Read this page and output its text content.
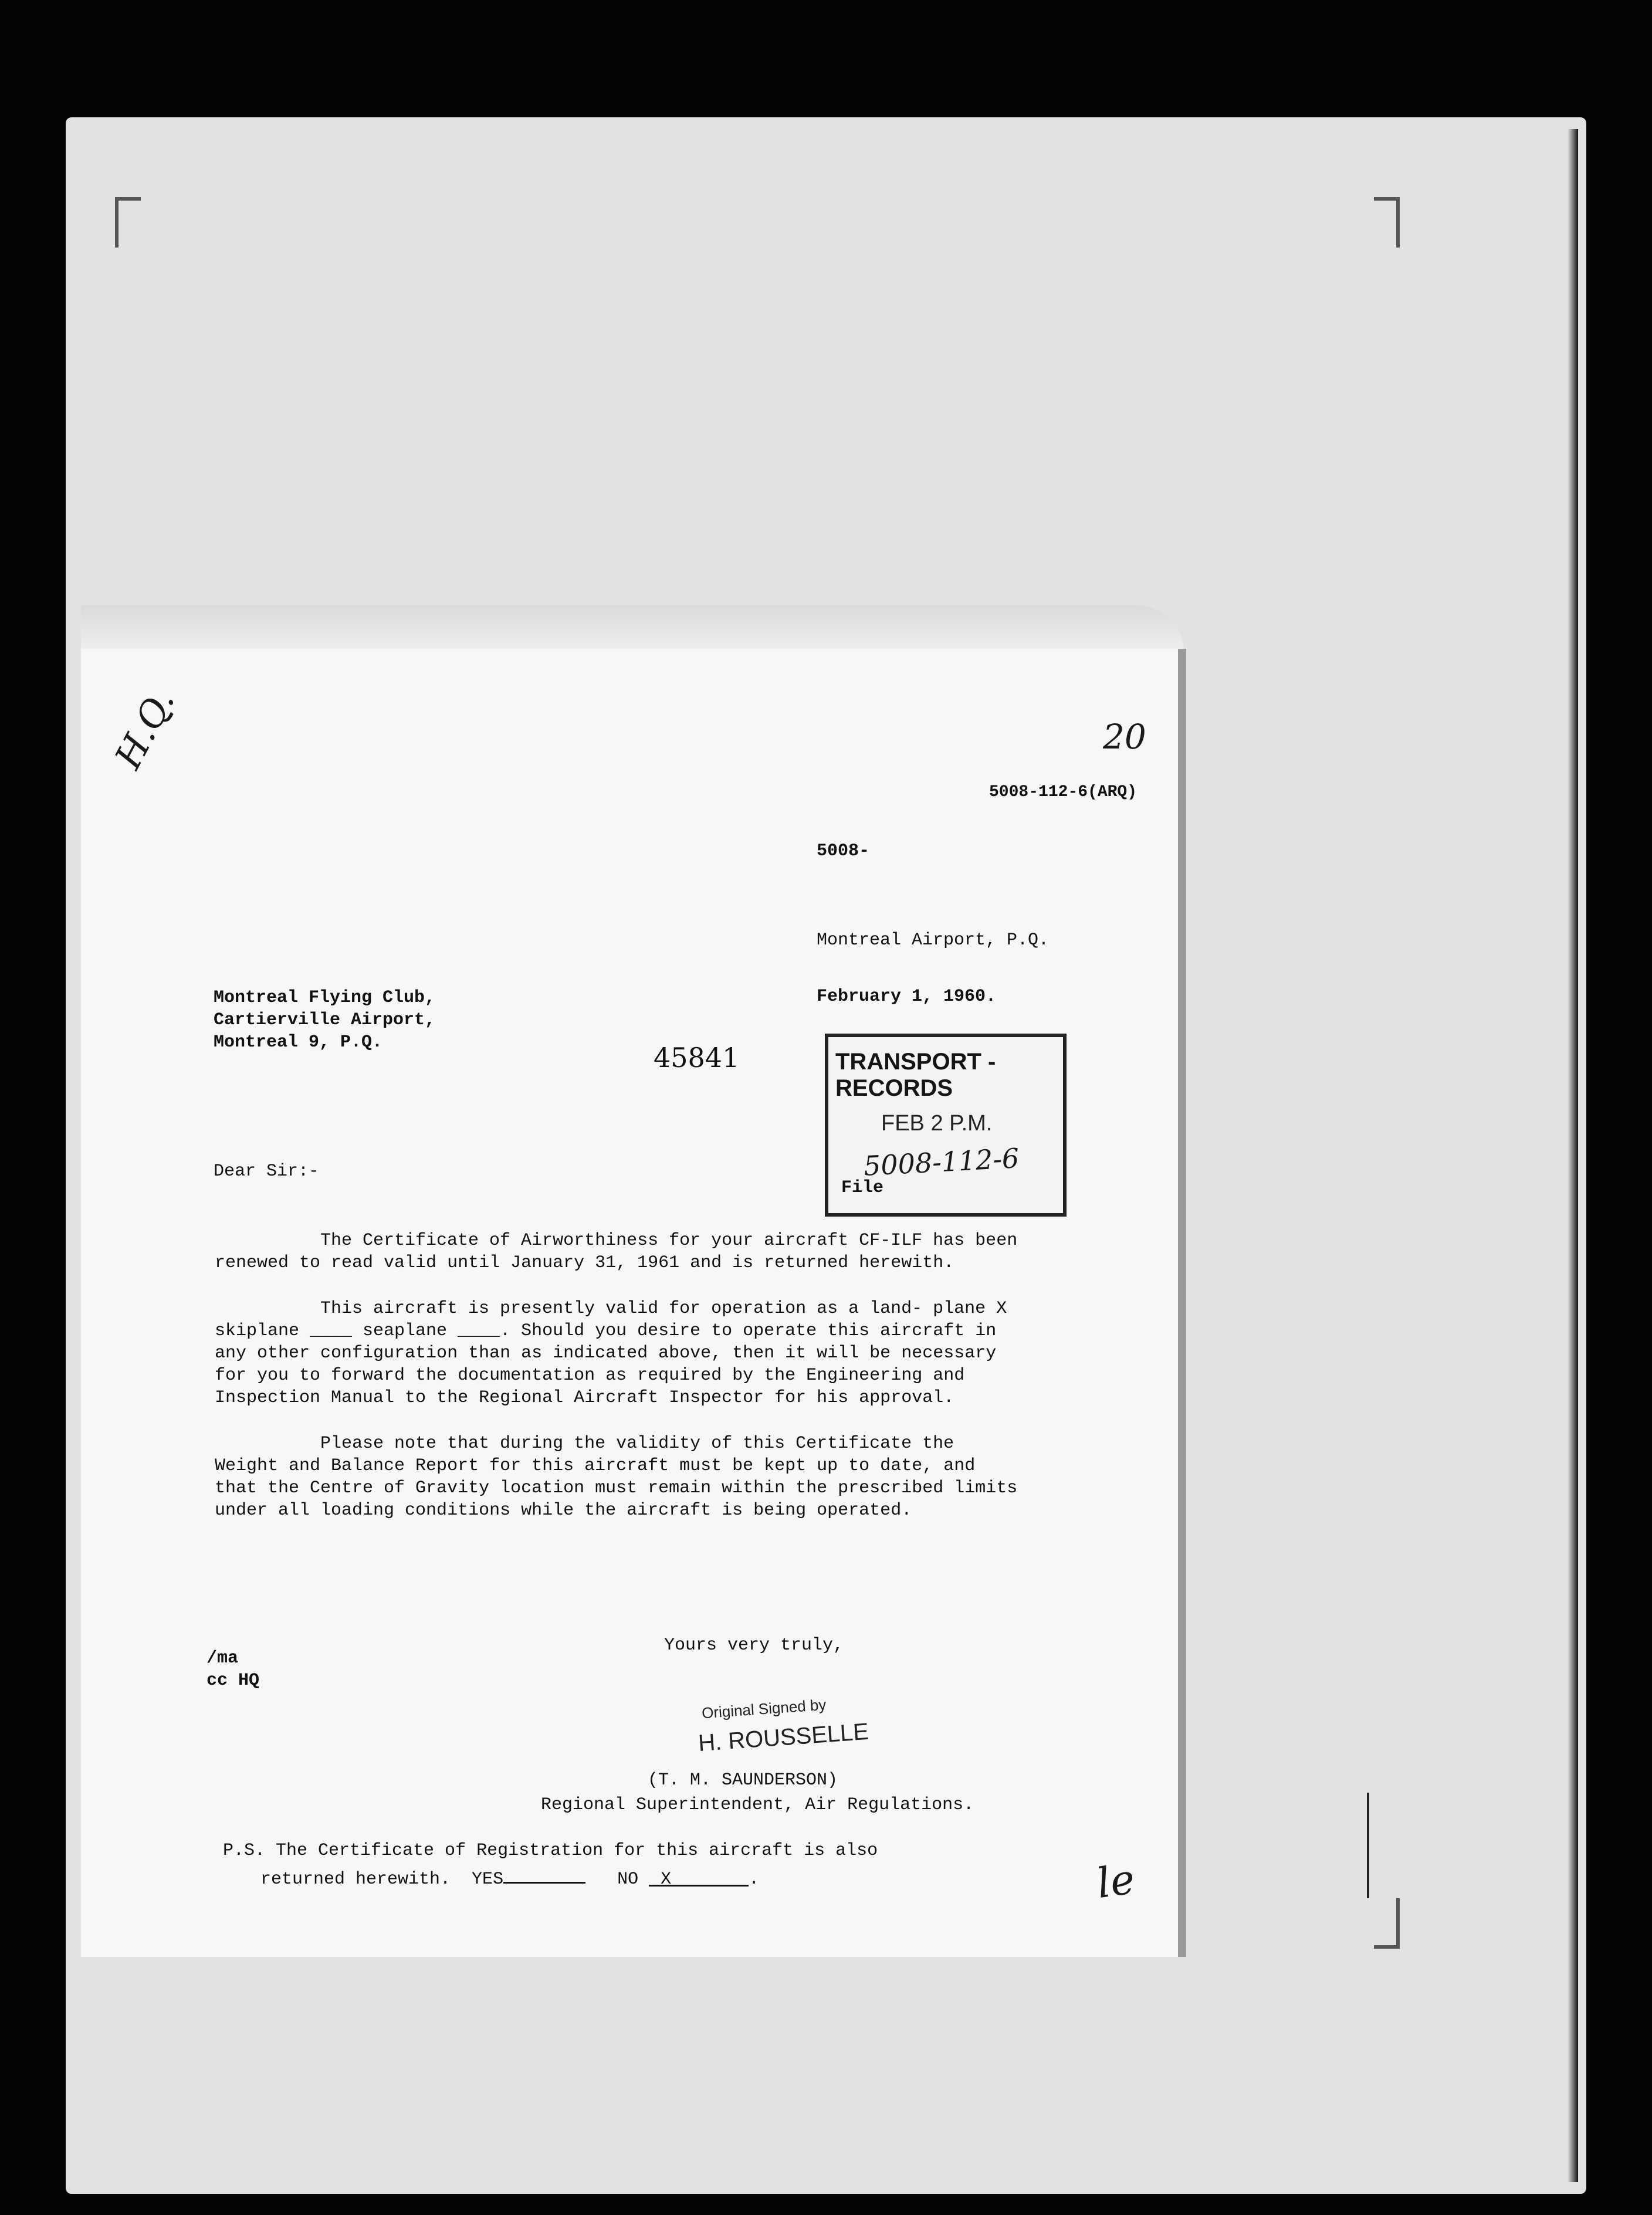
H.Q.	20
le
5008-112-6(ARQ)
5008-
Montreal Airport, P.Q.
February 1, 1960.
Montreal Flying Club,
Cartierville Airport,
Montreal 9, P.Q.	45841	TRANSPORT - RECORDS
FEB 2 P.M.
5008-112-6
File
Dear Sir:-

The Certificate of Airworthiness for your aircraft CF-ILF has been renewed to read valid until January 31, 1961 and is returned herewith.

This aircraft is presently valid for operation as a land- plane X skiplane ____ seaplane ____. Should you desire to operate this aircraft in any other configuration than as indicated above, then it will be necessary for you to forward the documentation as required by the Engineering and Inspection Manual to the Regional Aircraft Inspector for his approval.

Please note that during the validity of this Certificate the Weight and Balance Report for this aircraft must be kept up to date, and that the Centre of Gravity location must remain within the prescribed limits under all loading conditions while the aircraft is being operated.

Yours very truly,
/ma
cc HQ
Original Signed by
H. ROUSSELLE
(T. M. SAUNDERSON)
Regional Superintendent, Air Regulations.
P.S. The Certificate of Registration for this aircraft is also
returned herewith.  YES	NO X	.
